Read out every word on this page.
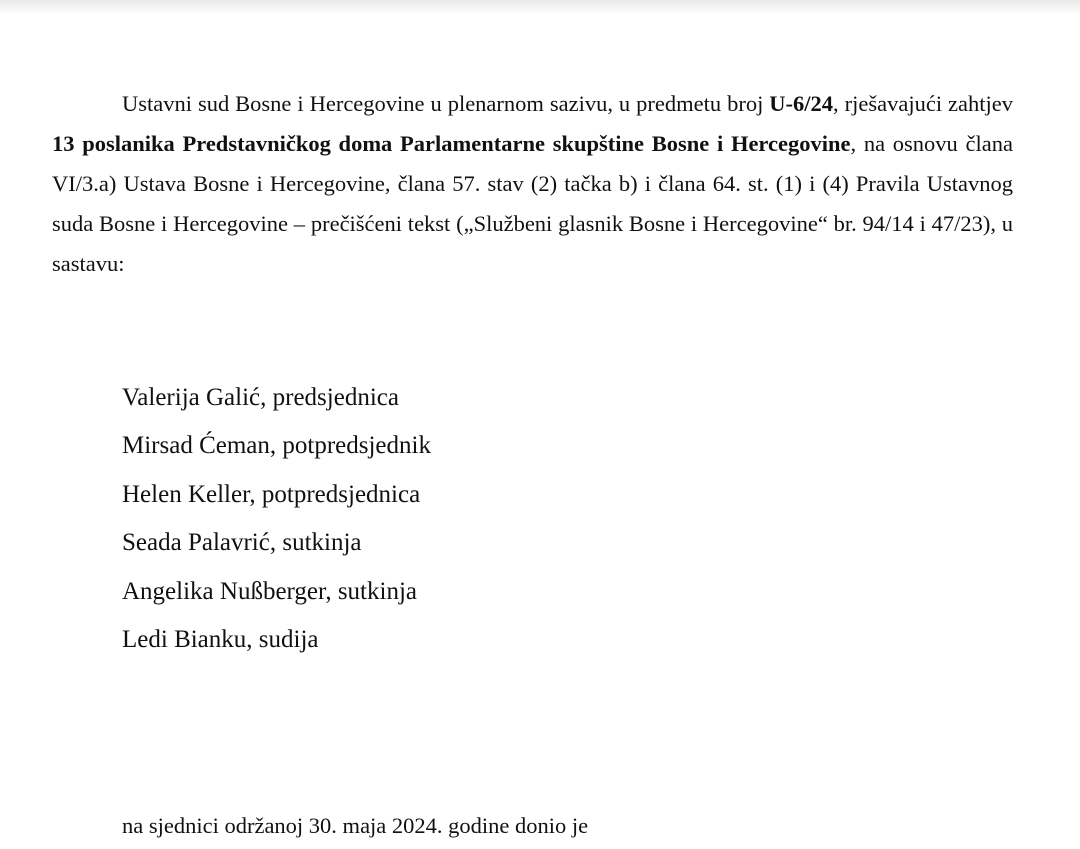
Ustavni sud Bosne i Hercegovine u plenarnom sazivu, u predmetu broj U-6/24, rješavajući zahtjev 13 poslanika Predstavničkog doma Parlamentarne skupštine Bosne i Hercegovine, na osnovu člana VI/3.a) Ustava Bosne i Hercegovine, člana 57. stav (2) tačka b) i člana 64. st. (1) i (4) Pravila Ustavnog suda Bosne i Hercegovine – prečišćeni tekst („Službeni glasnik Bosne i Hercegovine“ br. 94/14 i 47/23), u sastavu:

Valerija Galić, predsjednica
Mirsad Ćeman, potpredsjednik
Helen Keller, potpredsjednica
Seada Palavrić, sutkinja
Angelika Nußberger, sutkinja
Ledi Bianku, sudija

na sjednici održanoj 30. maja 2024. godine donio je
